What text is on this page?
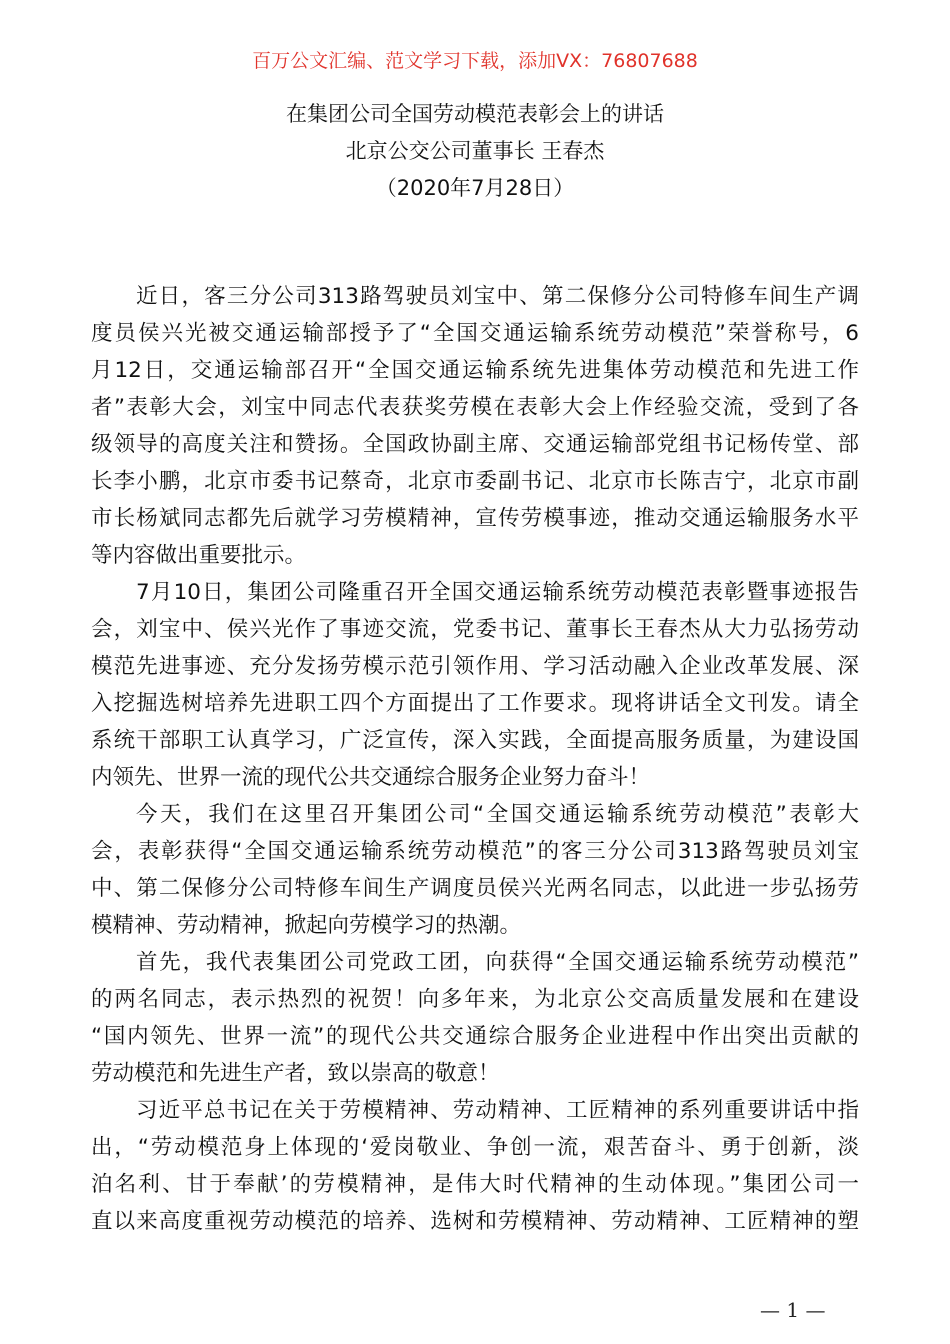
百万公文汇编、范文学习下载，添加VX：76807688
在集团公司全国劳动模范表彰会上的讲话
北京公交公司董事长 王春杰
（2020年7月28日）
近日，客三分公司313路驾驶员刘宝中、第二保修分公司特修车间生产调
度员侯兴光被交通运输部授予了“全国交通运输系统劳动模范”荣誉称号，6
月12日，交通运输部召开“全国交通运输系统先进集体劳动模范和先进工作
者”表彰大会，刘宝中同志代表获奖劳模在表彰大会上作经验交流，受到了各
级领导的高度关注和赞扬。全国政协副主席、交通运输部党组书记杨传堂、部
长李小鹏，北京市委书记蔡奇，北京市委副书记、北京市长陈吉宁，北京市副
市长杨斌同志都先后就学习劳模精神，宣传劳模事迹，推动交通运输服务水平
等内容做出重要批示。
7月10日，集团公司隆重召开全国交通运输系统劳动模范表彰暨事迹报告
会，刘宝中、侯兴光作了事迹交流，党委书记、董事长王春杰从大力弘扬劳动
模范先进事迹、充分发扬劳模示范引领作用、学习活动融入企业改革发展、深
入挖掘选树培养先进职工四个方面提出了工作要求。现将讲话全文刊发。请全
系统干部职工认真学习，广泛宣传，深入实践，全面提高服务质量，为建设国
内领先、世界一流的现代公共交通综合服务企业努力奋斗！
今天，我们在这里召开集团公司“全国交通运输系统劳动模范”表彰大
会，表彰获得“全国交通运输系统劳动模范”的客三分公司313路驾驶员刘宝
中、第二保修分公司特修车间生产调度员侯兴光两名同志，以此进一步弘扬劳
模精神、劳动精神，掀起向劳模学习的热潮。
首先，我代表集团公司党政工团，向获得“全国交通运输系统劳动模范”
的两名同志，表示热烈的祝贺！向多年来，为北京公交高质量发展和在建设
“国内领先、世界一流”的现代公共交通综合服务企业进程中作出突出贡献的
劳动模范和先进生产者，致以崇高的敬意！
习近平总书记在关于劳模精神、劳动精神、工匠精神的系列重要讲话中指
出，“劳动模范身上体现的‘爱岗敬业、争创一流，艰苦奋斗、勇于创新，淡
泊名利、甘于奉献’的劳模精神，是伟大时代精神的生动体现。”集团公司一
直以来高度重视劳动模范的培养、选树和劳模精神、劳动精神、工匠精神的塑
— 1 —
